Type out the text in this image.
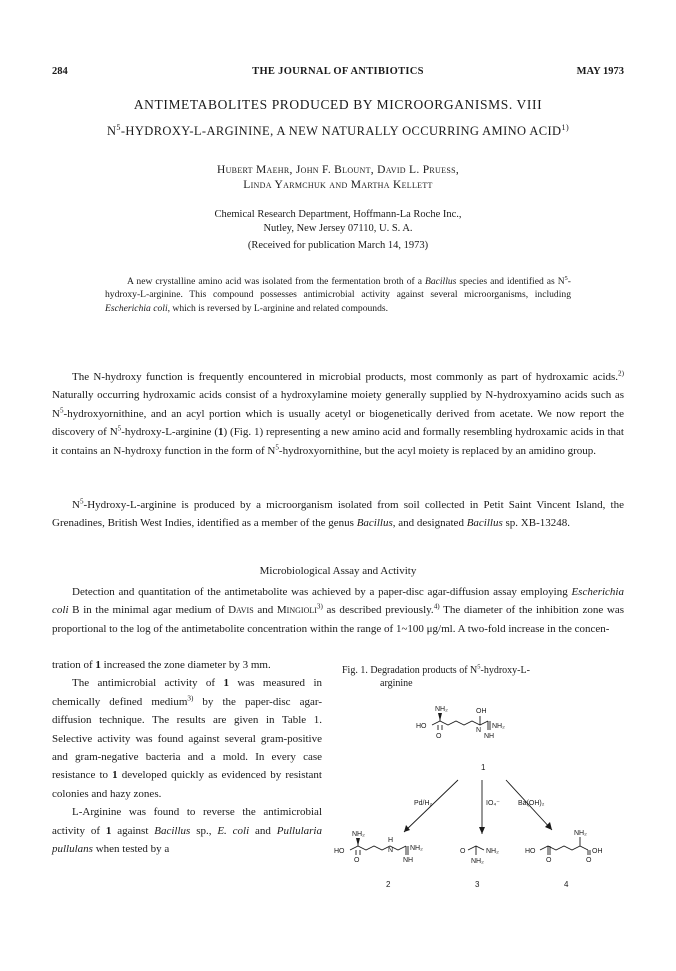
284	THE JOURNAL OF ANTIBIOTICS	MAY 1973
ANTIMETABOLITES PRODUCED BY MICROORGANISMS. VIII
$N^5-HYDROXY-L$-ARGININE, A NEW NATURALLY OCCURRING AMINO ACID$^{1)}$
Hubert Maehr, John F. Blount, David L. Pruess,
Linda Yarmchuk and Martha Kellett
Chemical Research Department, Hoffmann-La Roche Inc.,
Nutley, New Jersey 07110, U. S. A.
(Received for publication March 14, 1973)

A new crystalline amino acid was isolated from the fermentation broth of a Bacillus species and identified as $N^5-hydroxy-L$-arginine. This compound possesses antimicrobial activity against several microorganisms, including Escherichia coli, which is reversed by L-arginine and related compounds.

The N-hydroxy function is frequently encountered in microbial products, most commonly as part of hydroxamic acids.$^{2)}$ Naturally occurring hydroxamic acids consist of a hydroxylamine moiety generally supplied by N-hydroxyamino acids such as $N^5$-hydroxyornithine, and an acyl portion which is usually acetyl or biogenetically derived from acetate. We now report the discovery of $N^5-hydroxy-L$-arginine (1) (Fig. 1) representing a new amino acid and formally resembling hydroxamic acids in that it contains an N-hydroxy function in the form of $N^5$-hydroxyornithine, but the acyl moiety is replaced by an amidino group.

$N^5-Hydroxy-L$-arginine is produced by a microorganism isolated from soil collected in Petit Saint Vincent Island, the Grenadines, British West Indies, identified as a member of the genus Bacillus, and designated Bacillus sp. XB-13248.

Microbiological Assay and Activity

Detection and quantitation of the antimetabolite was achieved by a paper-disc agar-diffusion assay employing Escherichia coli B in the minimal agar medium of Davis and Mingioli$^{3)}$ as described previously.$^{4)}$ The diameter of the inhibition zone was proportional to the log of the antimetabolite concentration within the range of 1~100 μg/ml. A two-fold increase in the concen-

tration of 1 increased the zone diameter by 3 mm.

The antimicrobial activity of 1 was measured in chemically defined medium$^{3)}$ by the paper-disc agar-diffusion technique. The results are given in Table 1. Selective activity was found against several gram-positive and gram-negative bacteria and a mold. In every case resistance to 1 developed quickly as evidenced by resistant colonies and hazy zones.

L-Arginine was found to reverse the antimicrobial activity of 1 against Bacillus sp., E. coli and Pullularia pullulans when tested by a

Fig. 1. Degradation products of $N^5-hydroxy-L-$
arginine
NH₂	OH
HO
N
NH₂
O	NH
1
Pd/H₂	IO₄⁻	Ba(OH)₂
NH₂
HO
O
H
N NH₂
NH
2
O	NH₂
NH₂
3
HO
O
NH₂
OH
O
4
